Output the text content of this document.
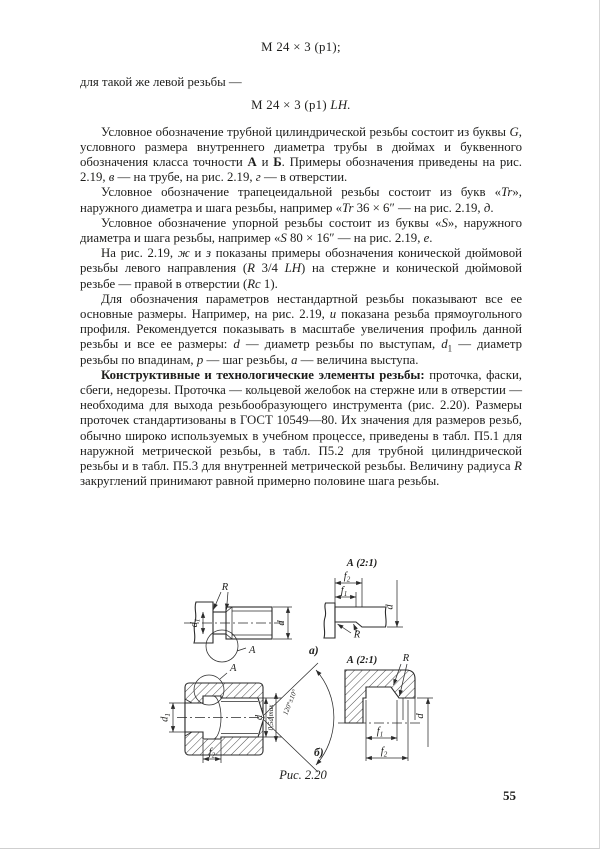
М 24 × 3 (р1);

для такой же левой резьбы —

М 24 × 3 (р1) LH.

Условное обозначение трубной цилиндрической резьбы состоит из буквы G, условного размера внутреннего диаметра трубы в дюймах и буквенного обозначения класса точности А и Б. Примеры обозначения приведены на рис. 2.19, в — на трубе, на рис. 2.19, г — в отверстии.

Условное обозначение трапецеидальной резьбы состоит из букв «Tr», наружного диаметра и шага резьбы, например «Tr 36 × 6″ — на рис. 2.19, д.

Условное обозначение упорной резьбы состоит из буквы «S», наружного диаметра и шага резьбы, например «S 80 × 16″ — на рис. 2.19, е.

На рис. 2.19, ж и з показаны примеры обозначения конической дюймовой резьбы левого направления (R 3/4 LH) на стержне и конической дюймовой резьбе — правой в отверстии (Rc 1).

Для обозначения параметров нестандартной резьбы показывают все ее основные размеры. Например, на рис. 2.19, и показана резьба прямоугольного профиля. Рекомендуется показывать в масштабе увеличения профиль данной резьбы и все ее размеры: d — диаметр резьбы по выступам, $d_1$ — диаметр резьбы по впадинам, р — шаг резьбы, а — величина выступа.

Конструктивные и технологические элементы резьбы: проточка, фаски, сбеги, недорезы. Проточка — кольцевой желобок на стержне или в отверстии — необходима для выхода резьбообразующего инструмента (рис. 2.20). Размеры проточек стандартизованы в ГОСТ 10549—80. Их значения для размеров резьб, обычно широко используемых в учебном процессе, приведены в табл. П5.1 для наружной метрической резьбы, в табл. П5.2 для трубной цилиндрической резьбы и в табл. П5.3 для внутренней метрической резьбы. Величину радиуса R закруглений принимают равной примерно половине шага резьбы.

R
А
d
$d_1$
А (2:1)
$f_2$
$f_1$
R
d
а)
А
$d_1$
$f_2$
d 0,5d max
120°±10°
А (2:1) R
d
$f_1$
$f_2$
б)
Рис. 2.20
55
